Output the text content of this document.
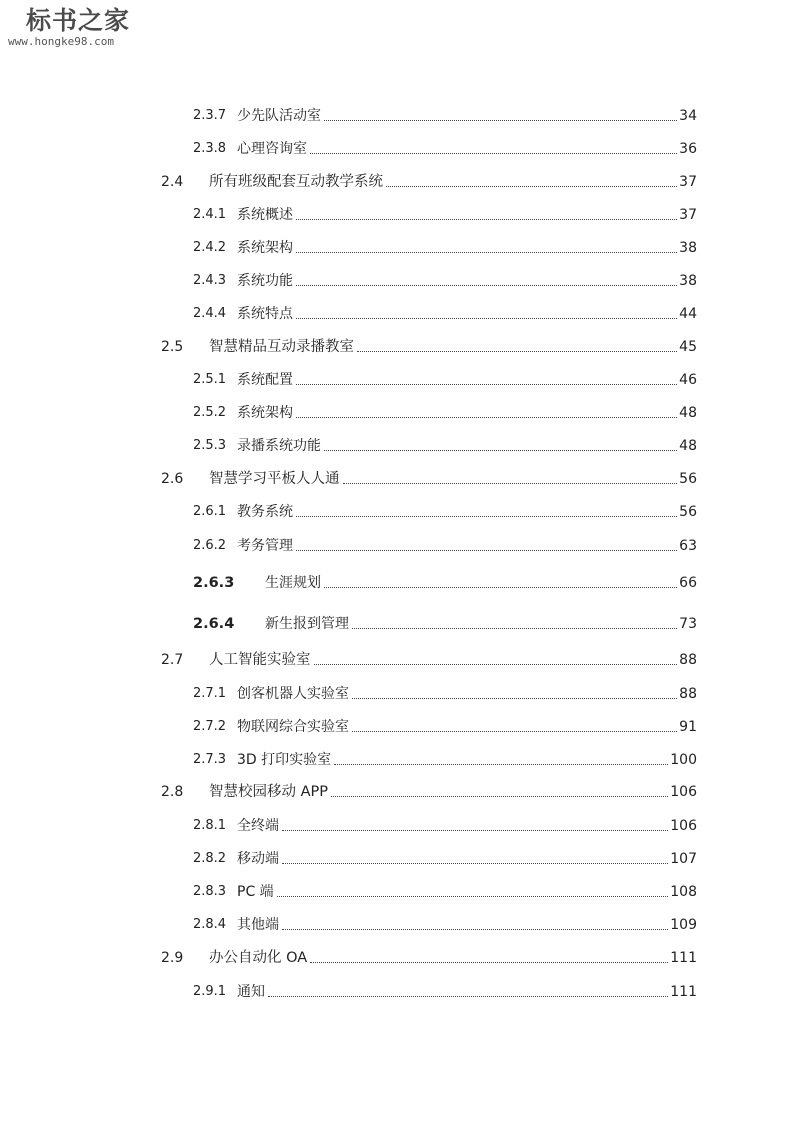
标书之家
www.hongke98.com
2.3.7 少先队活动室	34
2.3.8 心理咨询室	36
2.4	所有班级配套互动教学系统	37
2.4.1 系统概述	37
2.4.2 系统架构	38
2.4.3 系统功能	38
2.4.4 系统特点	44
2.5	智慧精品互动录播教室	45
2.5.1 系统配置	46
2.5.2 系统架构	48
2.5.3 录播系统功能	48
2.6	智慧学习平板人人通	56
2.6.1 教务系统	56
2.6.2 考务管理	63
2.6.3	生涯规划	66
2.6.4	新生报到管理	73
2.7	人工智能实验室	88
2.7.1 创客机器人实验室	88
2.7.2 物联网综合实验室	91
2.7.3 3D 打印实验室	100
2.8	智慧校园移动 APP	106
2.8.1 全终端	106
2.8.2 移动端	107
2.8.3 PC 端	108
2.8.4 其他端	109
2.9	办公自动化 OA	111
2.9.1 通知	111
